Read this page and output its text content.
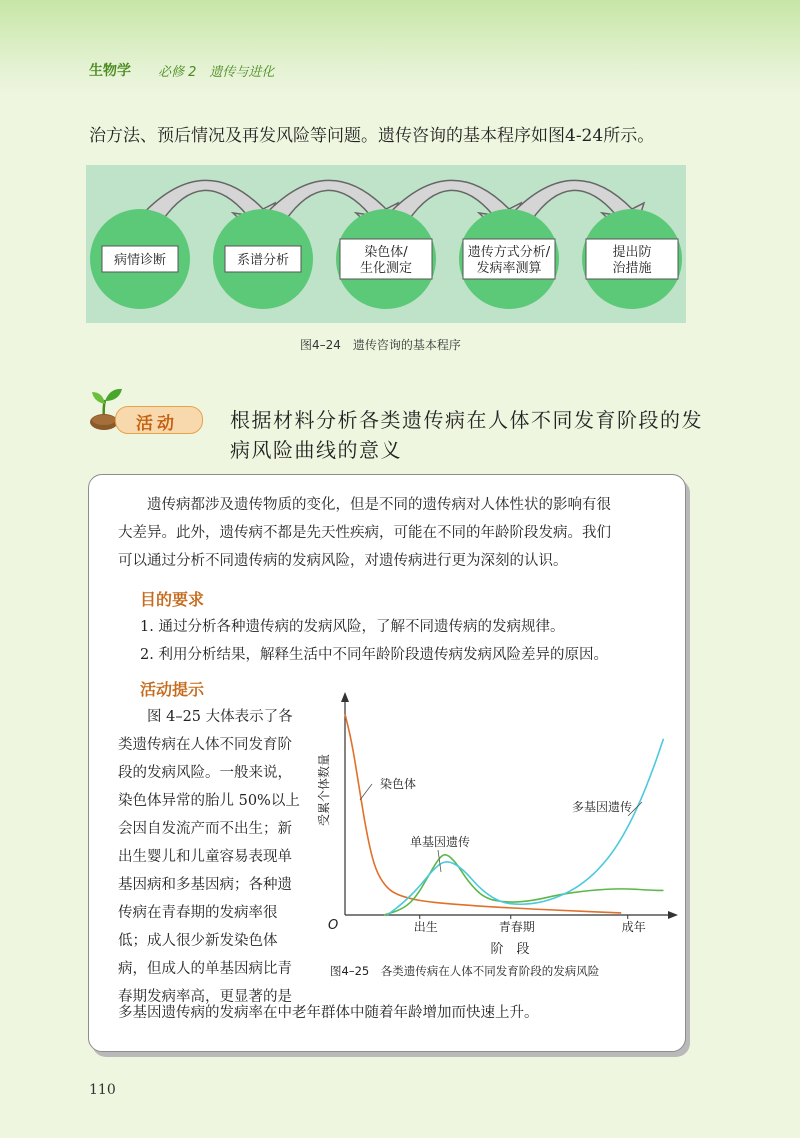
生物学 必修 2　遗传与进化
治方法、预后情况及再发风险等问题。遗传咨询的基本程序如图4-24所示。
病情诊断	系谱分析
染色体/
生化测定
遗传方式分析/
发病率测算
提出防
治措施
图4–24　遗传咨询的基本程序
活动	根据材料分析各类遗传病在人体不同发育阶段的发病风险曲线的意义
　　遗传病都涉及遗传物质的变化，但是不同的遗传病对人体性状的影响有很
大差异。此外，遗传病不都是先天性疾病，可能在不同的年龄阶段发病。我们
可以通过分析不同遗传病的发病风险，对遗传病进行更为深刻的认识。
目的要求
1. 通过分析各种遗传病的发病风险，了解不同遗传病的发病规律。
2. 利用分析结果，解释生活中不同年龄阶段遗传病发病风险差异的原因。
活动提示
　　图 4–25 大体表示了各
类遗传病在人体不同发育阶
段的发病风险。一般来说，
染色体异常的胎儿 50%以上
会因自发流产而不出生；新
出生婴儿和儿童容易表现单
基因病和多基因病；各种遗
传病在青春期的发病率很
低；成人很少新发染色体
病，但成人的单基因病比青
春期发病率高，更显著的是
多基因遗传病的发病率在中老年群体中随着年龄增加而快速上升。
染色体
单基因遗传
多基因遗传
出生	青春期	成年
O
阶　段
受累个体数量
图4–25　各类遗传病在人体不同发育阶段的发病风险
110
